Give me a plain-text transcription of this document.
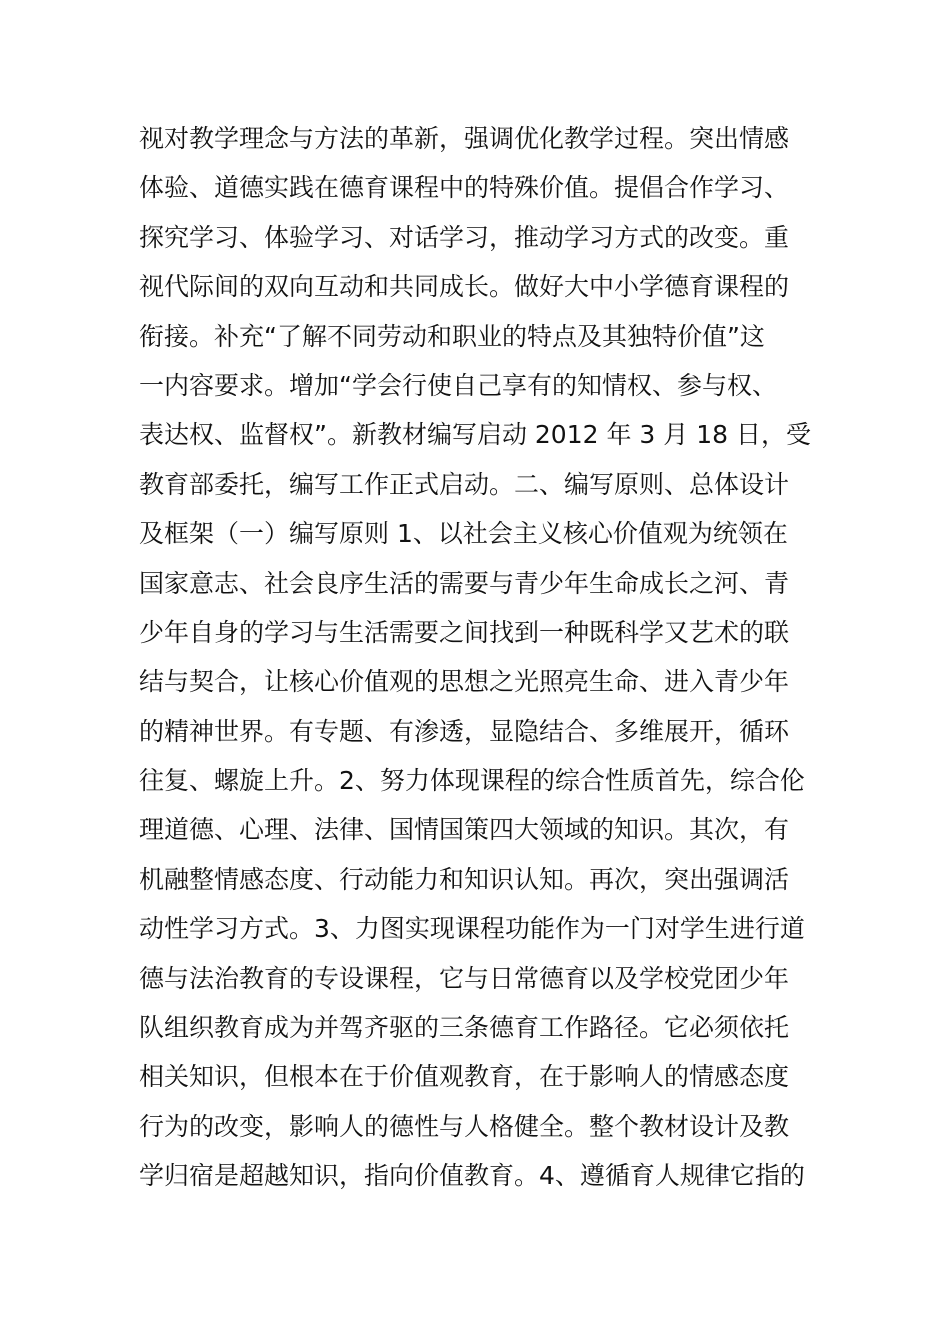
视对教学理念与方法的革新，强调优化教学过程。突出情感
体验、道德实践在德育课程中的特殊价值。提倡合作学习、
探究学习、体验学习、对话学习，推动学习方式的改变。重
视代际间的双向互动和共同成长。做好大中小学德育课程的
衔接。补充“了解不同劳动和职业的特点及其独特价值”这
一内容要求。增加“学会行使自己享有的知情权、参与权、
表达权、监督权”。新教材编写启动 2012 年 3 月 18 日，受
教育部委托，编写工作正式启动。二、编写原则、总体设计
及框架（一）编写原则 1、以社会主义核心价值观为统领在
国家意志、社会良序生活的需要与青少年生命成长之河、青
少年自身的学习与生活需要之间找到一种既科学又艺术的联
结与契合，让核心价值观的思想之光照亮生命、进入青少年
的精神世界。有专题、有渗透，显隐结合、多维展开，循环
往复、螺旋上升。2、努力体现课程的综合性质首先，综合伦
理道德、心理、法律、国情国策四大领域的知识。其次，有
机融整情感态度、行动能力和知识认知。再次，突出强调活
动性学习方式。3、力图实现课程功能作为一门对学生进行道
德与法治教育的专设课程，它与日常德育以及学校党团少年
队组织教育成为并驾齐驱的三条德育工作路径。它必须依托
相关知识，但根本在于价值观教育，在于影响人的情感态度
行为的改变，影响人的德性与人格健全。整个教材设计及教
学归宿是超越知识，指向价值教育。4、遵循育人规律它指的
